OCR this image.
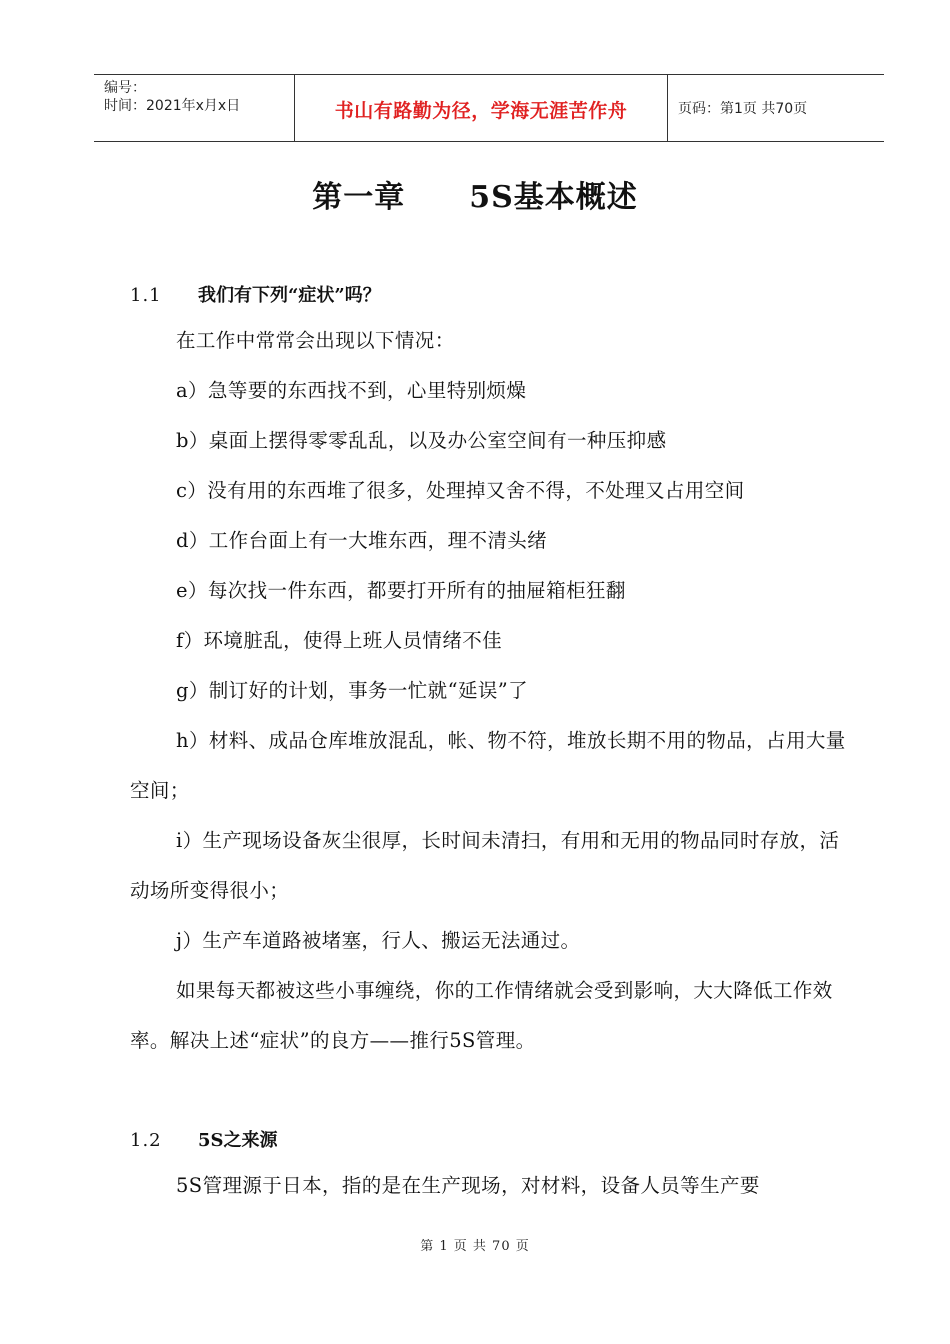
编号：
时间：2021年x月x日	书山有路勤为径，学海无涯苦作舟	页码：第1页 共70页
第一章 5S基本概述
1.1 我们有下列“症状”吗？

在工作中常常会出现以下情况：

a）急等要的东西找不到，心里特别烦燥

b）桌面上摆得零零乱乱，以及办公室空间有一种压抑感

c）没有用的东西堆了很多，处理掉又舍不得，不处理又占用空间

d）工作台面上有一大堆东西，理不清头绪

e）每次找一件东西，都要打开所有的抽屉箱柜狂翻

f）环境脏乱，使得上班人员情绪不佳

g）制订好的计划，事务一忙就“延误”了

h）材料、成品仓库堆放混乱，帐、物不符，堆放长期不用的物品，占用大量空间；

i）生产现场设备灰尘很厚，长时间未清扫，有用和无用的物品同时存放，活动场所变得很小；

j）生产车道路被堵塞，行人、搬运无法通过。

如果每天都被这些小事缠绕，你的工作情绪就会受到影响，大大降低工作效率。解决上述“症状”的良方——推行5S管理。

1.2 5S之来源

5S管理源于日本，指的是在生产现场，对材料，设备人员等生产要

第 1 页 共 70 页
